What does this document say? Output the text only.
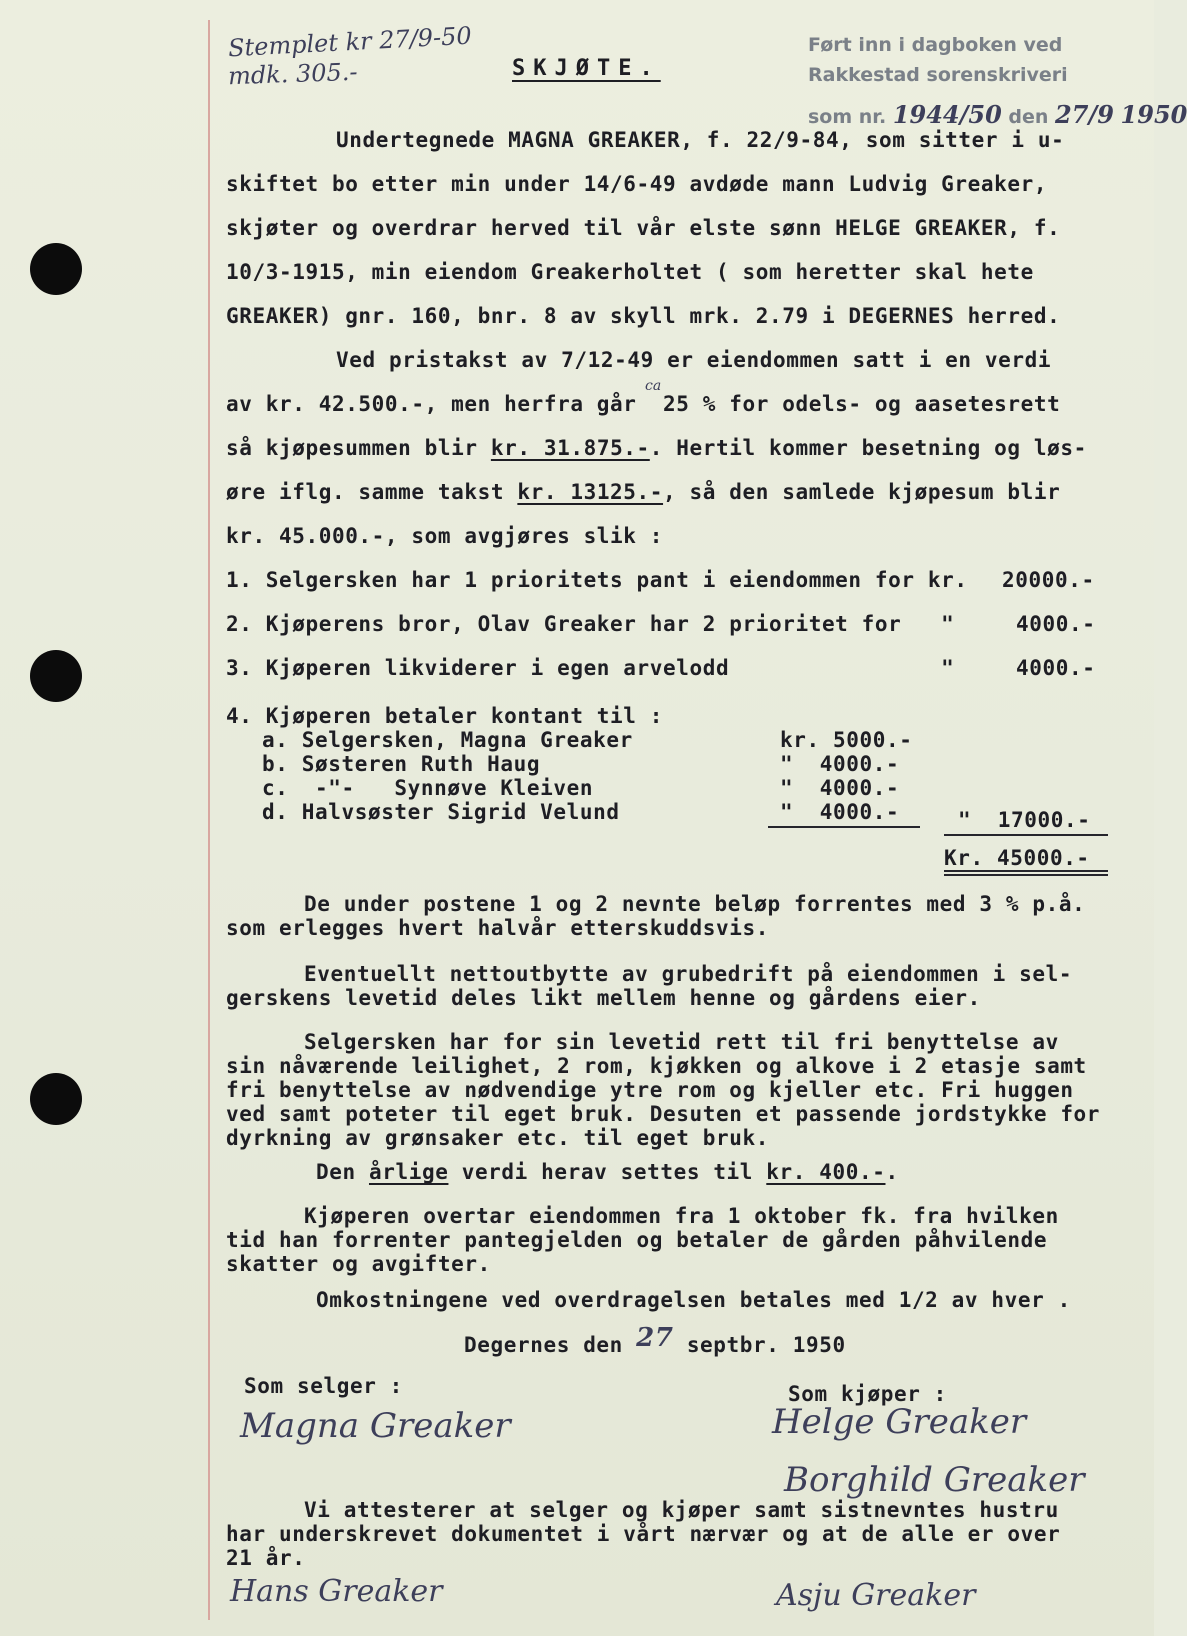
Stemplet kr 27/9-50
mdk. 305.-	SKJØTE.
Ført inn i dagboken ved
Rakkestad sorenskriveri
som nr. 1944/50 den 27/9 1950
Undertegnede MAGNA GREAKER, f. 22/9-84, som sitter i u-
skiftet bo etter min under 14/6-49 avdøde mann Ludvig Greaker,
skjøter og overdrar herved til vår elste sønn HELGE GREAKER, f.
10/3-1915, min eiendom Greakerholtet ( som heretter skal hete
GREAKER) gnr. 160, bnr. 8 av skyll mrk. 2.79 i DEGERNES herred.
Ved pristakst av 7/12-49 er eiendommen satt i en verdi
av kr. 42.500.-, men herfra går  25 % for odels- og aasetesrett
ca
så kjøpesummen blir kr. 31.875.-. Hertil kommer besetning og løs-
øre iflg. samme takst kr. 13125.-, så den samlede kjøpesum blir
kr. 45.000.-, som avgjøres slik :
1. Selgersken har 1 prioritets pant i eiendommen for kr. 20000.-
2. Kjøperens bror, Olav Greaker har 2 prioritet for   "	4000.-
3. Kjøperen likviderer i egen arvelodd                "	4000.-
4. Kjøperen betaler kontant til :
a. Selgersken, Magna Greaker	kr. 5000.-
b. Søsteren Ruth Haug	"  4000.-
c.  -"-   Synnøve Kleiven	"  4000.-
d. Halvsøster Sigrid Velund	"  4000.-	"  17000.-
Kr. 45000.-
De under postene 1 og 2 nevnte beløp forrentes med 3 % p.å.
som erlegges hvert halvår etterskuddsvis.
Eventuellt nettoutbytte av grubedrift på eiendommen i sel-
gerskens levetid deles likt mellem henne og gårdens eier.
Selgersken har for sin levetid rett til fri benyttelse av
sin nåværende leilighet, 2 rom, kjøkken og alkove i 2 etasje samt
fri benyttelse av nødvendige ytre rom og kjeller etc. Fri huggen
ved samt poteter til eget bruk. Desuten et passende jordstykke for
dyrkning av grønsaker etc. til eget bruk.
Den årlige verdi herav settes til kr. 400.-.
Kjøperen overtar eiendommen fra 1 oktober fk. fra hvilken
tid han forrenter pantegjelden og betaler de gården påhvilende
skatter og avgifter.
Omkostningene ved overdragelsen betales med 1/2 av hver .
Degernes den 27 septbr. 1950
Som selger :	Som kjøper :
Magna Greaker	Helge Greaker
Borghild Greaker
Vi attesterer at selger og kjøper samt sistnevntes hustru
har underskrevet dokumentet i vårt nærvær og at de alle er over
21 år.
Hans Greaker	Asju Greaker
